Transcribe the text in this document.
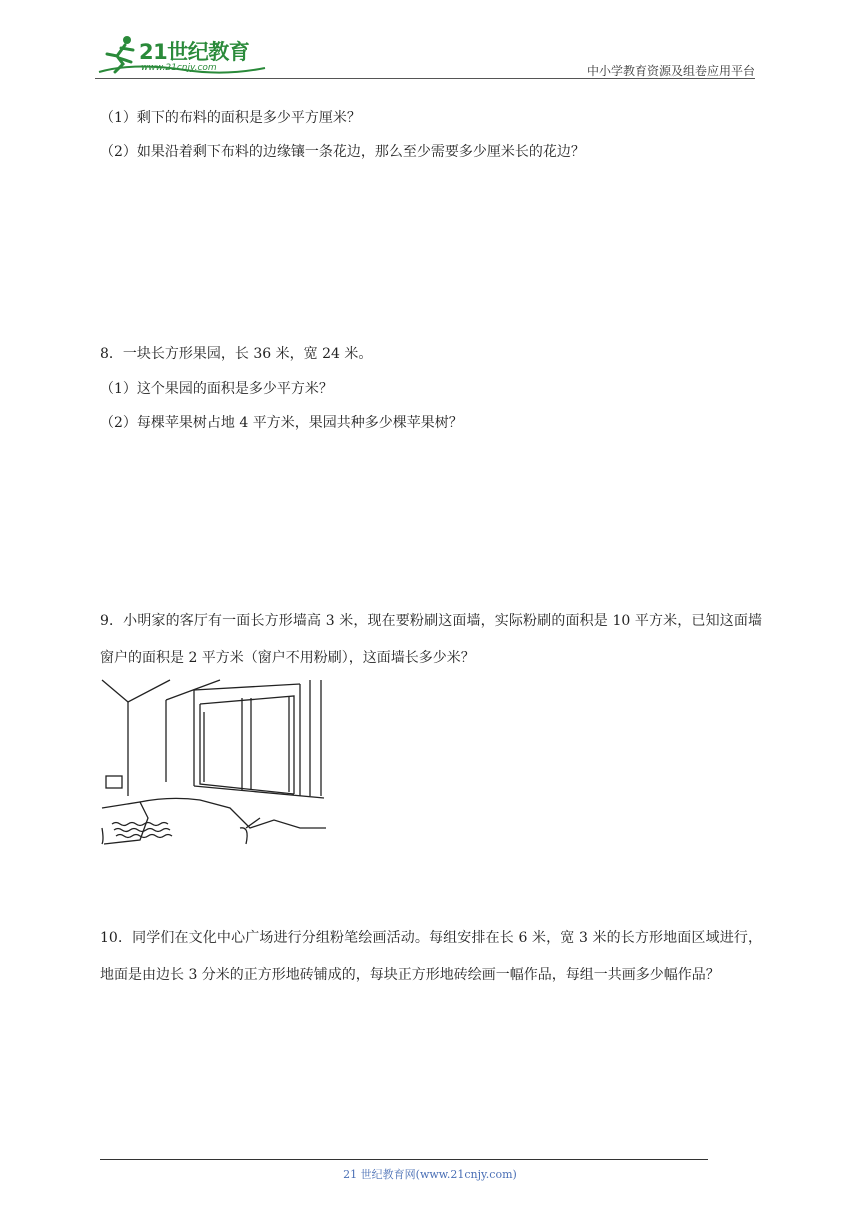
21世纪教育
www.21cnjy.com	中小学教育资源及组卷应用平台
（1）剩下的布料的面积是多少平方厘米？
（2）如果沿着剩下布料的边缘镶一条花边，那么至少需要多少厘米长的花边？
8．一块长方形果园，长 36 米，宽 24 米。
（1）这个果园的面积是多少平方米？
（2）每棵苹果树占地 4 平方米，果园共种多少棵苹果树？
9．小明家的客厅有一面长方形墙高 3 米，现在要粉刷这面墙，实际粉刷的面积是 10 平方米，已知这面墙窗户的面积是 2 平方米（窗户不用粉刷），这面墙长多少米？
10．同学们在文化中心广场进行分组粉笔绘画活动。每组安排在长 6 米，宽 3 米的长方形地面区域进行，地面是由边长 3 分米的正方形地砖铺成的，每块正方形地砖绘画一幅作品，每组一共画多少幅作品？
21 世纪教育网(www.21cnjy.com)
